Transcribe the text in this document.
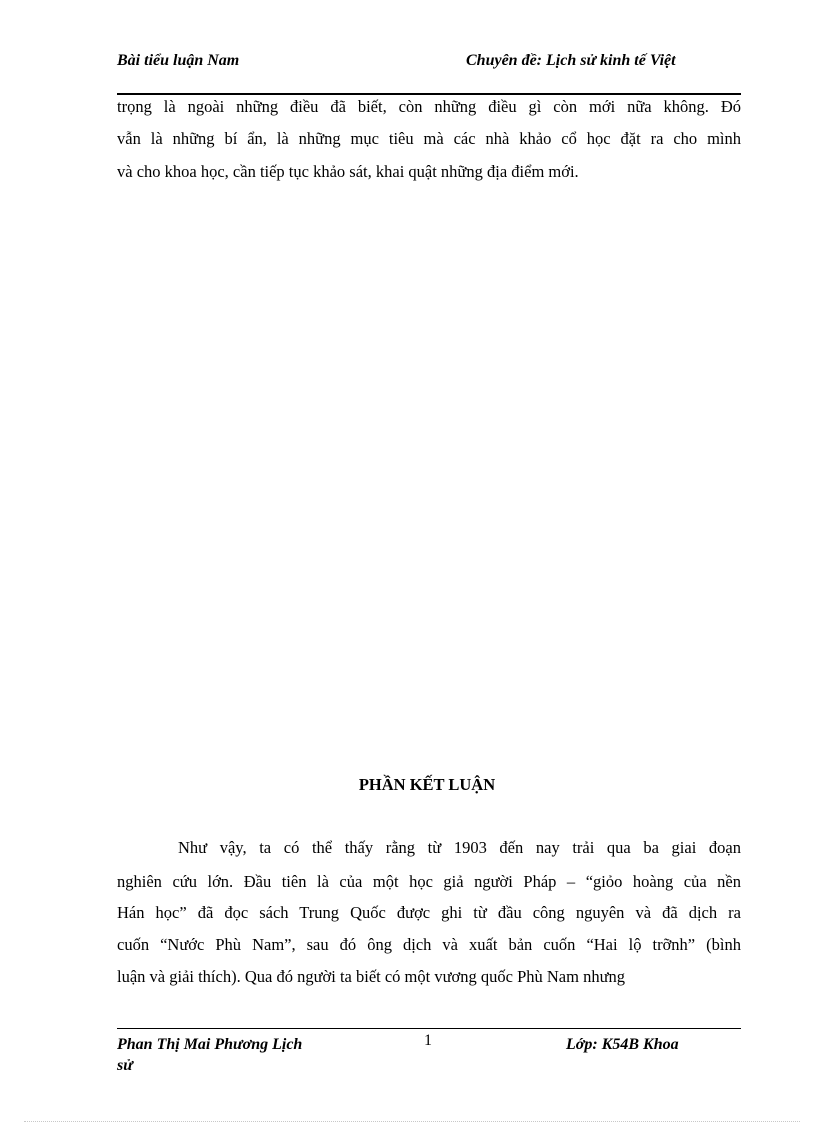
Bài tiểu luận Nam	Chuyên đề: Lịch sử kinh tế Việt
trọng là ngoài những điều đã biết, còn những điều gì còn mới nữa không. Đó
vẫn là những bí ẩn, là những mục tiêu mà các nhà khảo cổ học đặt ra cho mình
và cho khoa học, cần tiếp tục khảo sát, khai quật những địa điểm mới.
PHẦN KẾT LUẬN
Như vậy, ta có thể thấy rằng từ 1903 đến nay trải qua ba giai đoạn
nghiên cứu lớn. Đầu tiên là của một học giả người Pháp – “giỏo hoàng của nền
Hán học” đã đọc sách Trung Quốc được ghi từ đầu công nguyên và đã dịch ra
cuốn “Nước Phù Nam”, sau đó ông dịch và xuất bản cuốn “Hai lộ trỡnh” (bình
luận và giải thích). Qua đó người ta biết có một vương quốc Phù Nam nhưng
Phan Thị Mai Phương Lịch sử
1	Lớp: K54B Khoa
